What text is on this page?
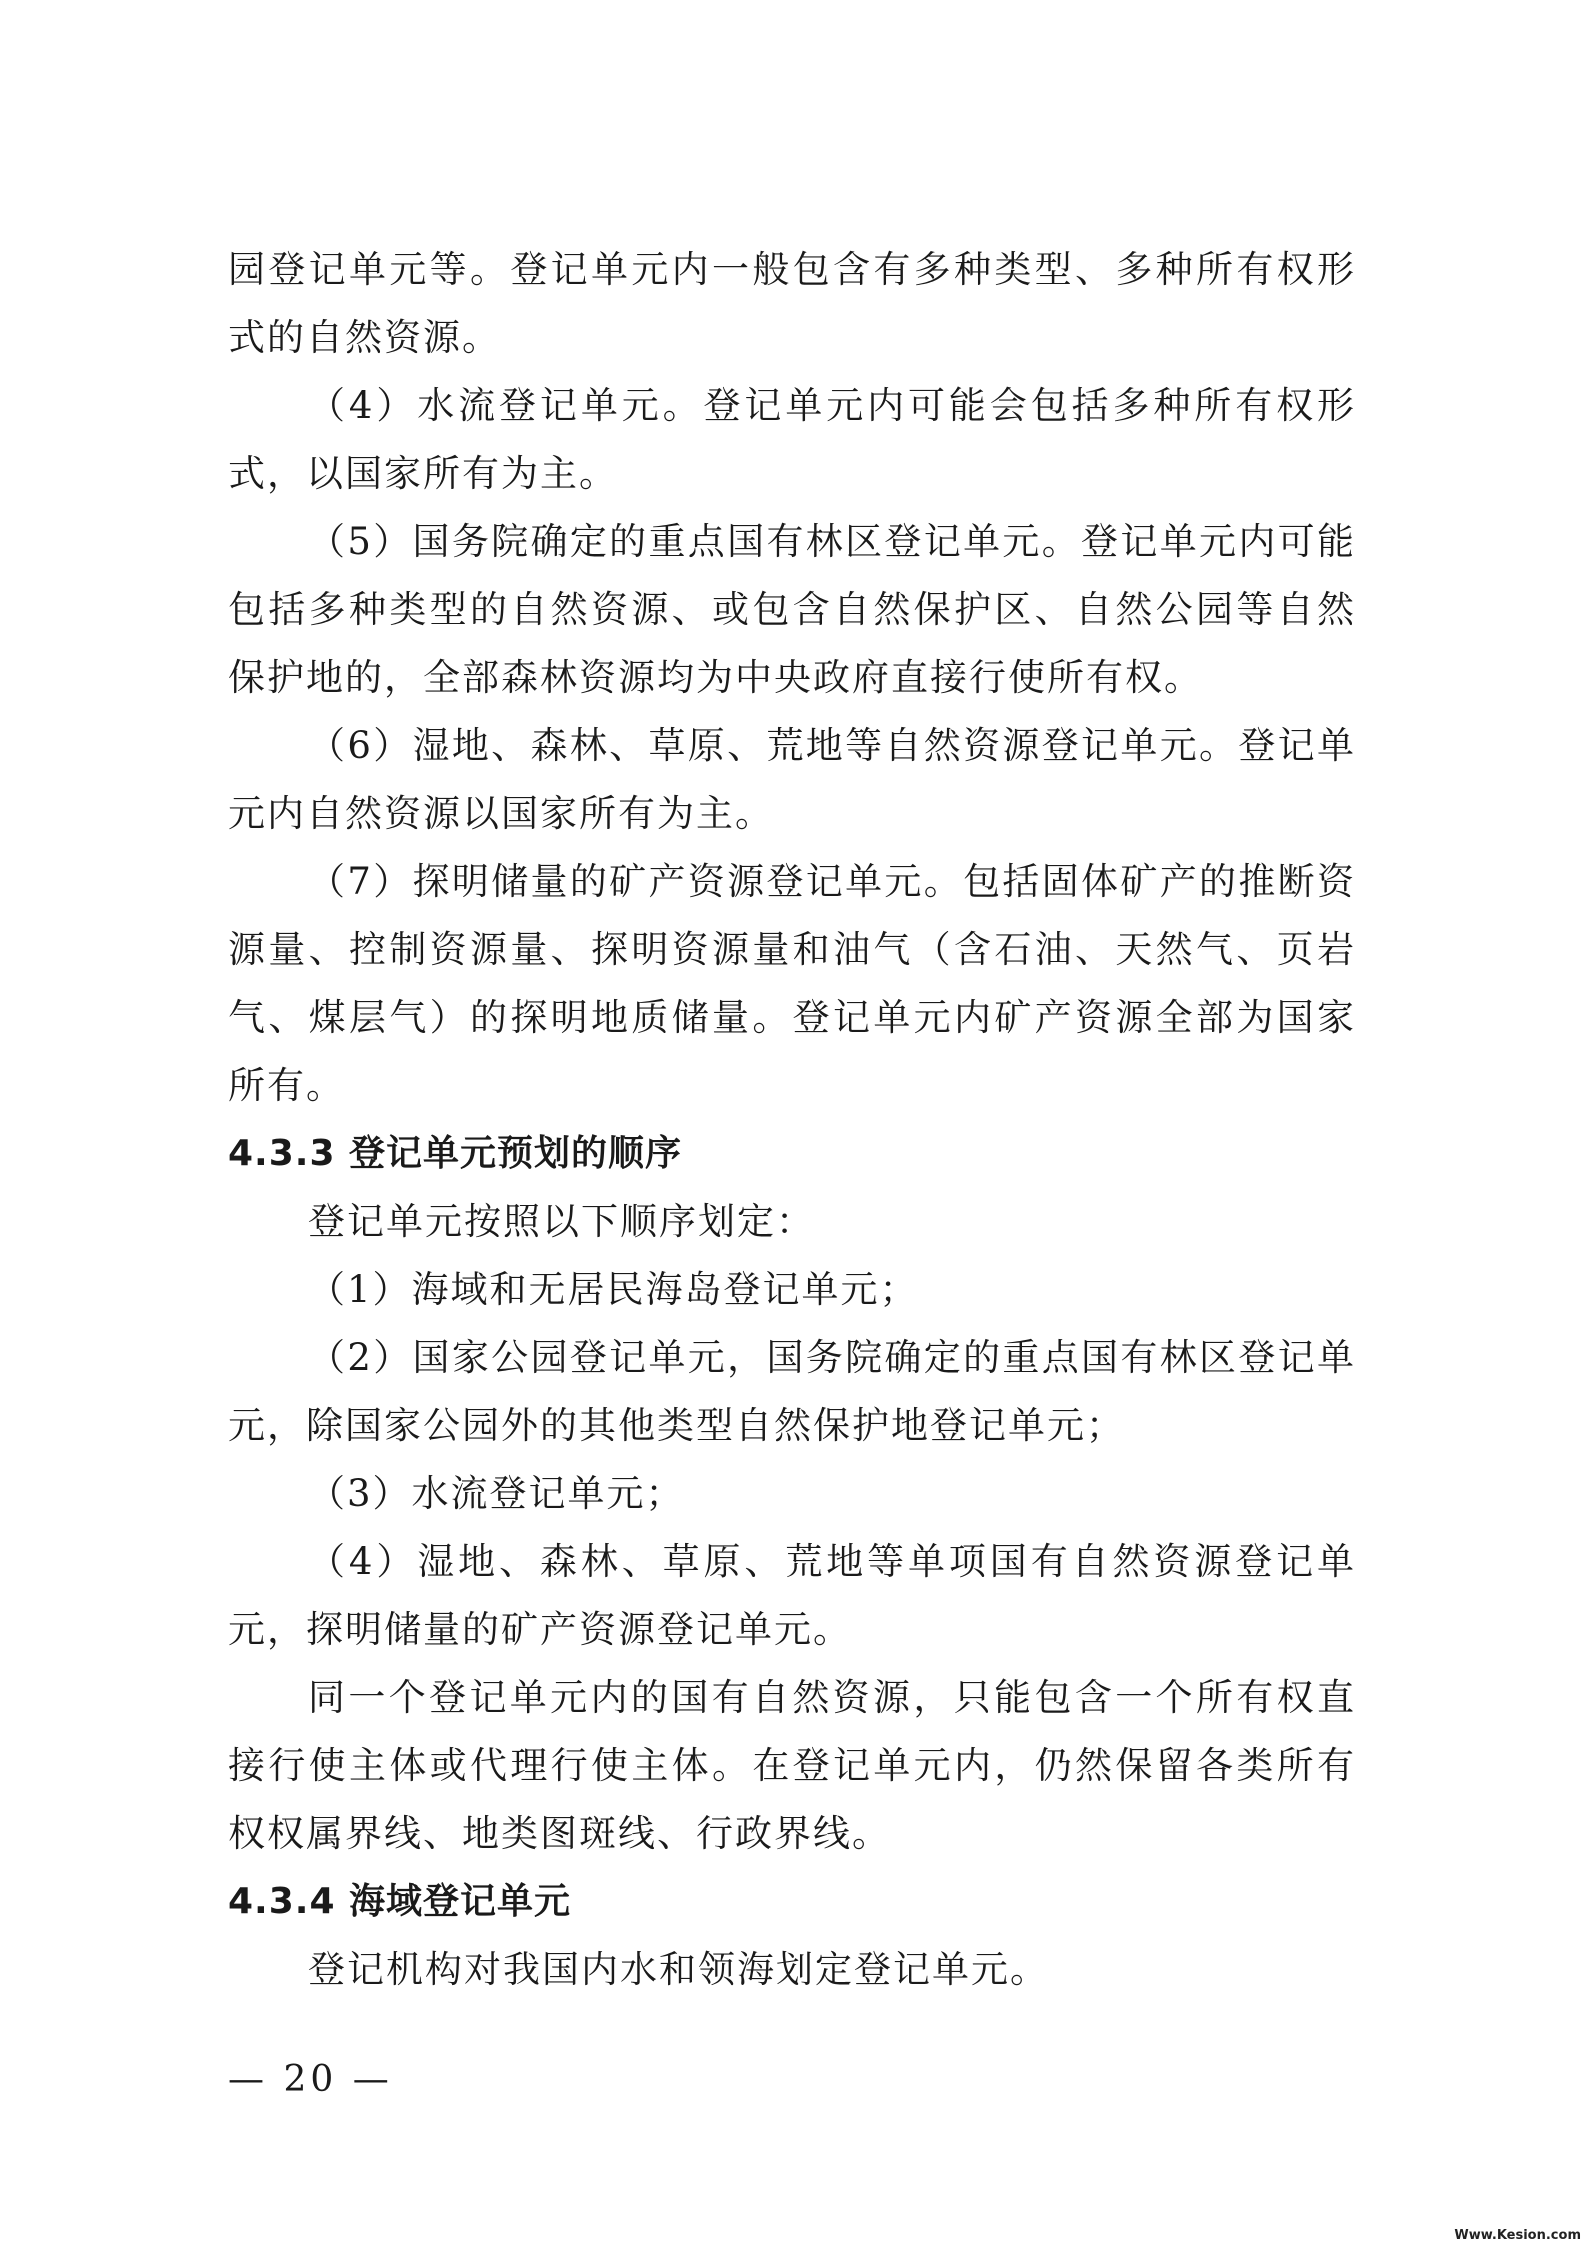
园登记单元等。登记单元内一般包含有多种类型、多种所有权形式的自然资源。

（4）水流登记单元。登记单元内可能会包括多种所有权形式，以国家所有为主。

（5）国务院确定的重点国有林区登记单元。登记单元内可能包括多种类型的自然资源、或包含自然保护区、自然公园等自然保护地的，全部森林资源均为中央政府直接行使所有权。

（6）湿地、森林、草原、荒地等自然资源登记单元。登记单元内自然资源以国家所有为主。

（7）探明储量的矿产资源登记单元。包括固体矿产的推断资源量、控制资源量、探明资源量和油气（含石油、天然气、页岩气、煤层气）的探明地质储量。登记单元内矿产资源全部为国家所有。

4.3.3 登记单元预划的顺序

登记单元按照以下顺序划定：

（1）海域和无居民海岛登记单元；

（2）国家公园登记单元，国务院确定的重点国有林区登记单元，除国家公园外的其他类型自然保护地登记单元；

（3）水流登记单元；

（4）湿地、森林、草原、荒地等单项国有自然资源登记单元，探明储量的矿产资源登记单元。

同一个登记单元内的国有自然资源，只能包含一个所有权直接行使主体或代理行使主体。在登记单元内，仍然保留各类所有权权属界线、地类图斑线、行政界线。

4.3.4 海域登记单元

登记机构对我国内水和领海划定登记单元。

— 20 —
Www.Kesion.com
